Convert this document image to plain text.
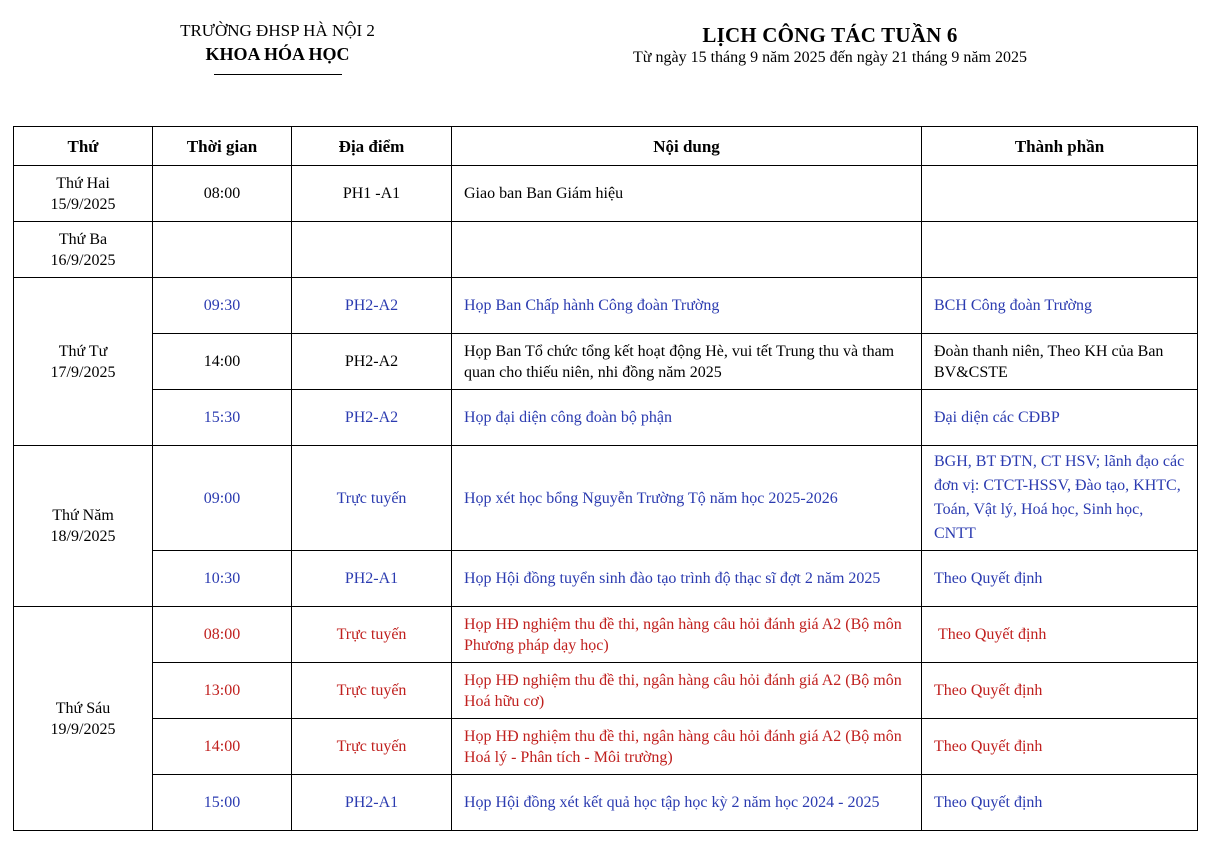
TRƯỜNG ĐHSP HÀ NỘI 2
KHOA HÓA HỌC
LỊCH CÔNG TÁC TUẦN 6
Từ ngày 15 tháng 9 năm 2025 đến ngày 21 tháng 9 năm 2025
Thứ	Thời gian	Địa điểm	Nội dung	Thành phần

Thứ Hai
15/9/2025	08:00	PH1 -A1	Giao ban Ban Giám hiệu	

Thứ Ba
16/9/2025				

Thứ Tư
17/9/2025	09:30	PH2-A2	Họp Ban Chấp hành Công đoàn Trường	BCH Công đoàn Trường
	14:00	PH2-A2	Họp Ban Tổ chức tổng kết hoạt động Hè, vui tết Trung thu và tham quan cho thiếu niên, nhi đồng năm 2025	Đoàn thanh niên, Theo KH của Ban BV&CSTE
	15:30	PH2-A2	Họp đại diện công đoàn bộ phận	Đại diện các CĐBP

Thứ Năm
18/9/2025	09:00	Trực tuyến	Họp xét học bổng Nguyễn Trường Tộ năm học 2025-2026	BGH, BT ĐTN, CT HSV; lãnh đạo các đơn vị: CTCT-HSSV, Đào tạo, KHTC, Toán, Vật lý, Hoá học, Sinh học, CNTT
	10:30	PH2-A1	Họp Hội đồng tuyển sinh đào tạo trình độ thạc sĩ đợt 2 năm 2025	Theo Quyết định

Thứ Sáu
19/9/2025	08:00	Trực tuyến	Họp HĐ nghiệm thu đề thi, ngân hàng câu hỏi đánh giá A2 (Bộ môn Phương pháp dạy học)	Theo Quyết định
	13:00	Trực tuyến	Họp HĐ nghiệm thu đề thi, ngân hàng câu hỏi đánh giá A2 (Bộ môn Hoá hữu cơ)	Theo Quyết định
	14:00	Trực tuyến	Họp HĐ nghiệm thu đề thi, ngân hàng câu hỏi đánh giá A2 (Bộ môn Hoá lý - Phân tích - Môi trường)	Theo Quyết định
	15:00	PH2-A1	Họp Hội đồng xét kết quả học tập học kỳ 2 năm học 2024 - 2025	Theo Quyết định
